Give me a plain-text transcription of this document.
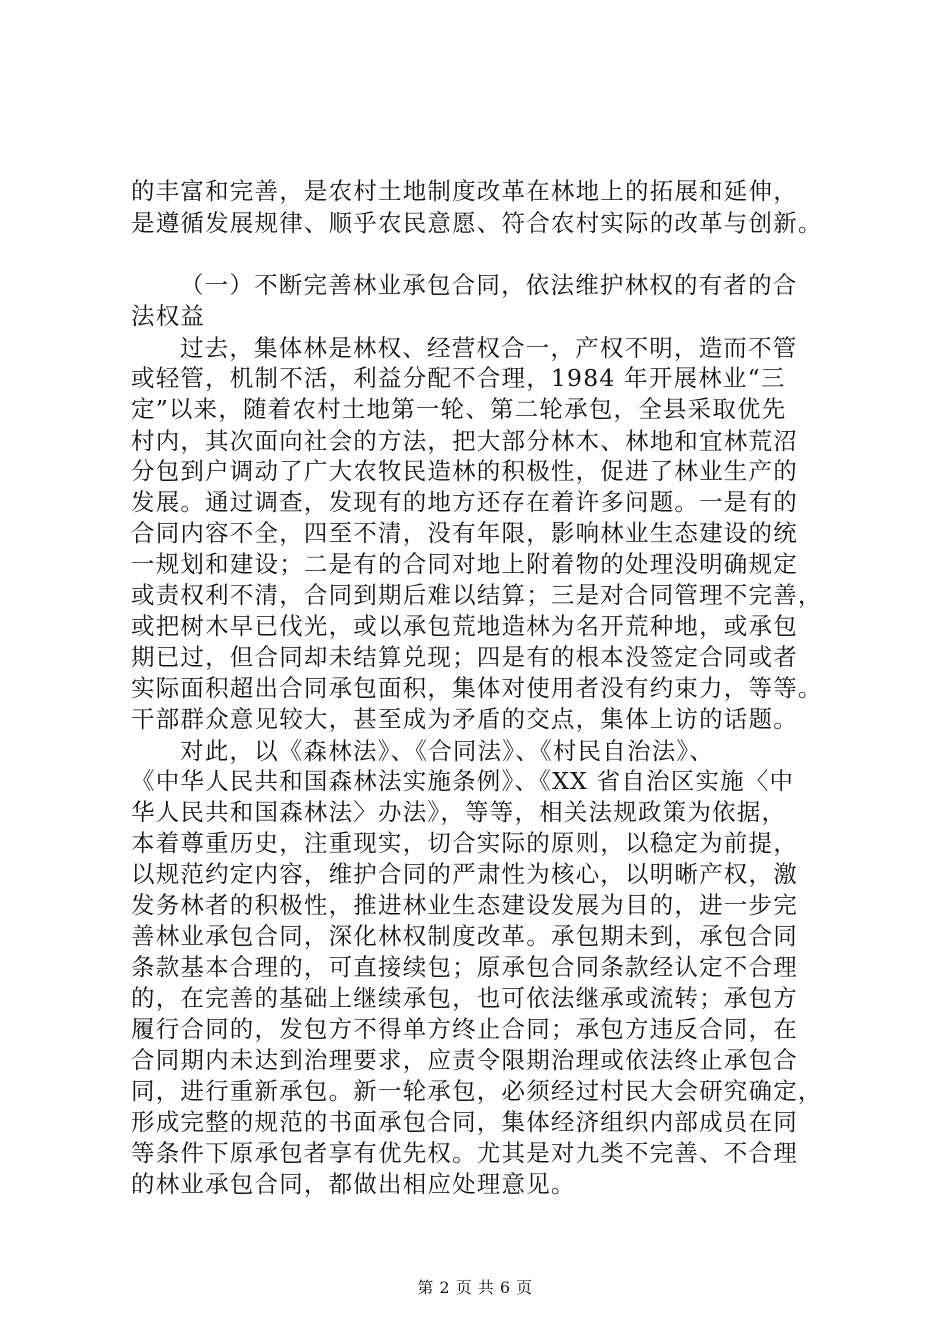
的丰富和完善，是农村土地制度改革在林地上的拓展和延伸，
是遵循发展规律、顺乎农民意愿、符合农村实际的改革与创新。
（一）不断完善林业承包合同，依法维护林权的有者的合
法权益
过去，集体林是林权、经营权合一，产权不明，造而不管
或轻管，机制不活，利益分配不合理，1984 年开展林业“三
定”以来，随着农村土地第一轮、第二轮承包，全县采取优先
村内，其次面向社会的方法，把大部分林木、林地和宜林荒沼
分包到户调动了广大农牧民造林的积极性，促进了林业生产的
发展。通过调查，发现有的地方还存在着许多问题。一是有的
合同内容不全，四至不清，没有年限，影响林业生态建设的统
一规划和建设；二是有的合同对地上附着物的处理没明确规定
或责权利不清，合同到期后难以结算；三是对合同管理不完善，
或把树木早已伐光，或以承包荒地造林为名开荒种地，或承包
期已过，但合同却未结算兑现；四是有的根本没签定合同或者
实际面积超出合同承包面积，集体对使用者没有约束力，等等。
干部群众意见较大，甚至成为矛盾的交点，集体上访的话题。
对此，以《森林法》、《合同法》、《村民自治法》、
《中华人民共和国森林法实施条例》、《XX 省自治区实施〈中
华人民共和国森林法〉办法》，等等，相关法规政策为依据，
本着尊重历史，注重现实，切合实际的原则，以稳定为前提，
以规范约定内容，维护合同的严肃性为核心，以明晰产权，激
发务林者的积极性，推进林业生态建设发展为目的，进一步完
善林业承包合同，深化林权制度改革。承包期未到，承包合同
条款基本合理的，可直接续包；原承包合同条款经认定不合理
的，在完善的基础上继续承包，也可依法继承或流转；承包方
履行合同的，发包方不得单方终止合同；承包方违反合同，在
合同期内未达到治理要求，应责令限期治理或依法终止承包合
同，进行重新承包。新一轮承包，必须经过村民大会研究确定，
形成完整的规范的书面承包合同，集体经济组织内部成员在同
等条件下原承包者享有优先权。尤其是对九类不完善、不合理
的林业承包合同，都做出相应处理意见。
第 2 页 共 6 页
